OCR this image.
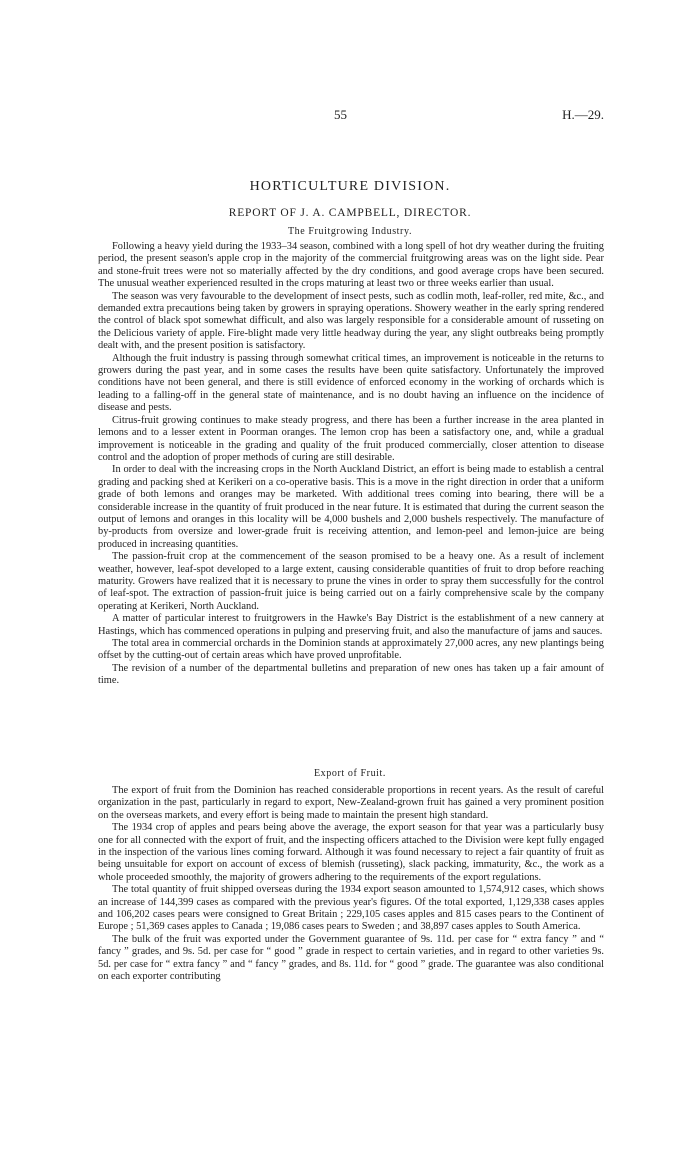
55	H.—29.
HORTICULTURE DIVISION.
REPORT OF J. A. CAMPBELL, DIRECTOR.
The Fruitgrowing Industry.

Following a heavy yield during the 1933–34 season, combined with a long spell of hot dry weather during the fruiting period, the present season's apple crop in the majority of the commercial fruitgrowing areas was on the light side. Pear and stone-fruit trees were not so materially affected by the dry conditions, and good average crops have been secured. The unusual weather experienced resulted in the crops maturing at least two or three weeks earlier than usual.

The season was very favourable to the development of insect pests, such as codlin moth, leaf-roller, red mite, &c., and demanded extra precautions being taken by growers in spraying operations. Showery weather in the early spring rendered the control of black spot somewhat difficult, and also was largely responsible for a considerable amount of russeting on the Delicious variety of apple. Fire-blight made very little headway during the year, any slight outbreaks being promptly dealt with, and the present position is satisfactory.

Although the fruit industry is passing through somewhat critical times, an improvement is noticeable in the returns to growers during the past year, and in some cases the results have been quite satisfactory. Unfortunately the improved conditions have not been general, and there is still evidence of enforced economy in the working of orchards which is leading to a falling-off in the general state of maintenance, and is no doubt having an influence on the incidence of disease and pests.

Citrus-fruit growing continues to make steady progress, and there has been a further increase in the area planted in lemons and to a lesser extent in Poorman oranges. The lemon crop has been a satisfactory one, and, while a gradual improvement is noticeable in the grading and quality of the fruit produced commercially, closer attention to disease control and the adoption of proper methods of curing are still desirable.

In order to deal with the increasing crops in the North Auckland District, an effort is being made to establish a central grading and packing shed at Kerikeri on a co-operative basis. This is a move in the right direction in order that a uniform grade of both lemons and oranges may be marketed. With additional trees coming into bearing, there will be a considerable increase in the quantity of fruit produced in the near future. It is estimated that during the current season the output of lemons and oranges in this locality will be 4,000 bushels and 2,000 bushels respectively. The manufacture of by-products from oversize and lower-grade fruit is receiving attention, and lemon-peel and lemon-juice are being produced in increasing quantities.

The passion-fruit crop at the commencement of the season promised to be a heavy one. As a result of inclement weather, however, leaf-spot developed to a large extent, causing considerable quantities of fruit to drop before reaching maturity. Growers have realized that it is necessary to prune the vines in order to spray them successfully for the control of leaf-spot. The extraction of passion-fruit juice is being carried out on a fairly comprehensive scale by the company operating at Kerikeri, North Auckland.

A matter of particular interest to fruitgrowers in the Hawke's Bay District is the establishment of a new cannery at Hastings, which has commenced operations in pulping and preserving fruit, and also the manufacture of jams and sauces.

The total area in commercial orchards in the Dominion stands at approximately 27,000 acres, any new plantings being offset by the cutting-out of certain areas which have proved unprofitable.

The revision of a number of the departmental bulletins and preparation of new ones has taken up a fair amount of time.

Export of Fruit.

The export of fruit from the Dominion has reached considerable proportions in recent years. As the result of careful organization in the past, particularly in regard to export, New-Zealand-grown fruit has gained a very prominent position on the overseas markets, and every effort is being made to maintain the present high standard.

The 1934 crop of apples and pears being above the average, the export season for that year was a particularly busy one for all connected with the export of fruit, and the inspecting officers attached to the Division were kept fully engaged in the inspection of the various lines coming forward. Although it was found necessary to reject a fair quantity of fruit as being unsuitable for export on account of excess of blemish (russeting), slack packing, immaturity, &c., the work as a whole proceeded smoothly, the majority of growers adhering to the requirements of the export regulations.

The total quantity of fruit shipped overseas during the 1934 export season amounted to 1,574,912 cases, which shows an increase of 144,399 cases as compared with the previous year's figures. Of the total exported, 1,129,338 cases apples and 106,202 cases pears were consigned to Great Britain ; 229,105 cases apples and 815 cases pears to the Continent of Europe ; 51,369 cases apples to Canada ; 19,086 cases pears to Sweden ; and 38,897 cases apples to South America.

The bulk of the fruit was exported under the Government guarantee of 9s. 11d. per case for “ extra fancy ” and “ fancy ” grades, and 9s. 5d. per case for “ good ” grade in respect to certain varieties, and in regard to other varieties 9s. 5d. per case for “ extra fancy ” and “ fancy ” grades, and 8s. 11d. for “ good ” grade. The guarantee was also conditional on each exporter contributing
